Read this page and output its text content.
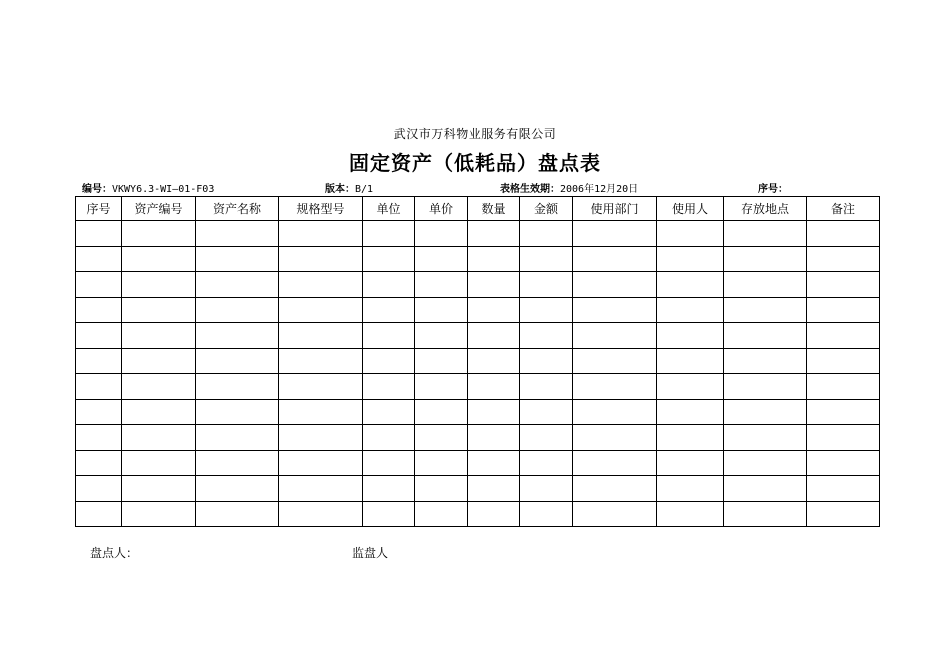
武汉市万科物业服务有限公司
固定资产（低耗品）盘点表
编号：VKWY6.3-WI—01-F03	版本：B/1	表格生效期：2006年12月20日	序号：
序号	资产编号	资产名称	规格型号	单位	单价	数量	金额	使用部门	使用人	存放地点	备注

盘点人：	监盘人
